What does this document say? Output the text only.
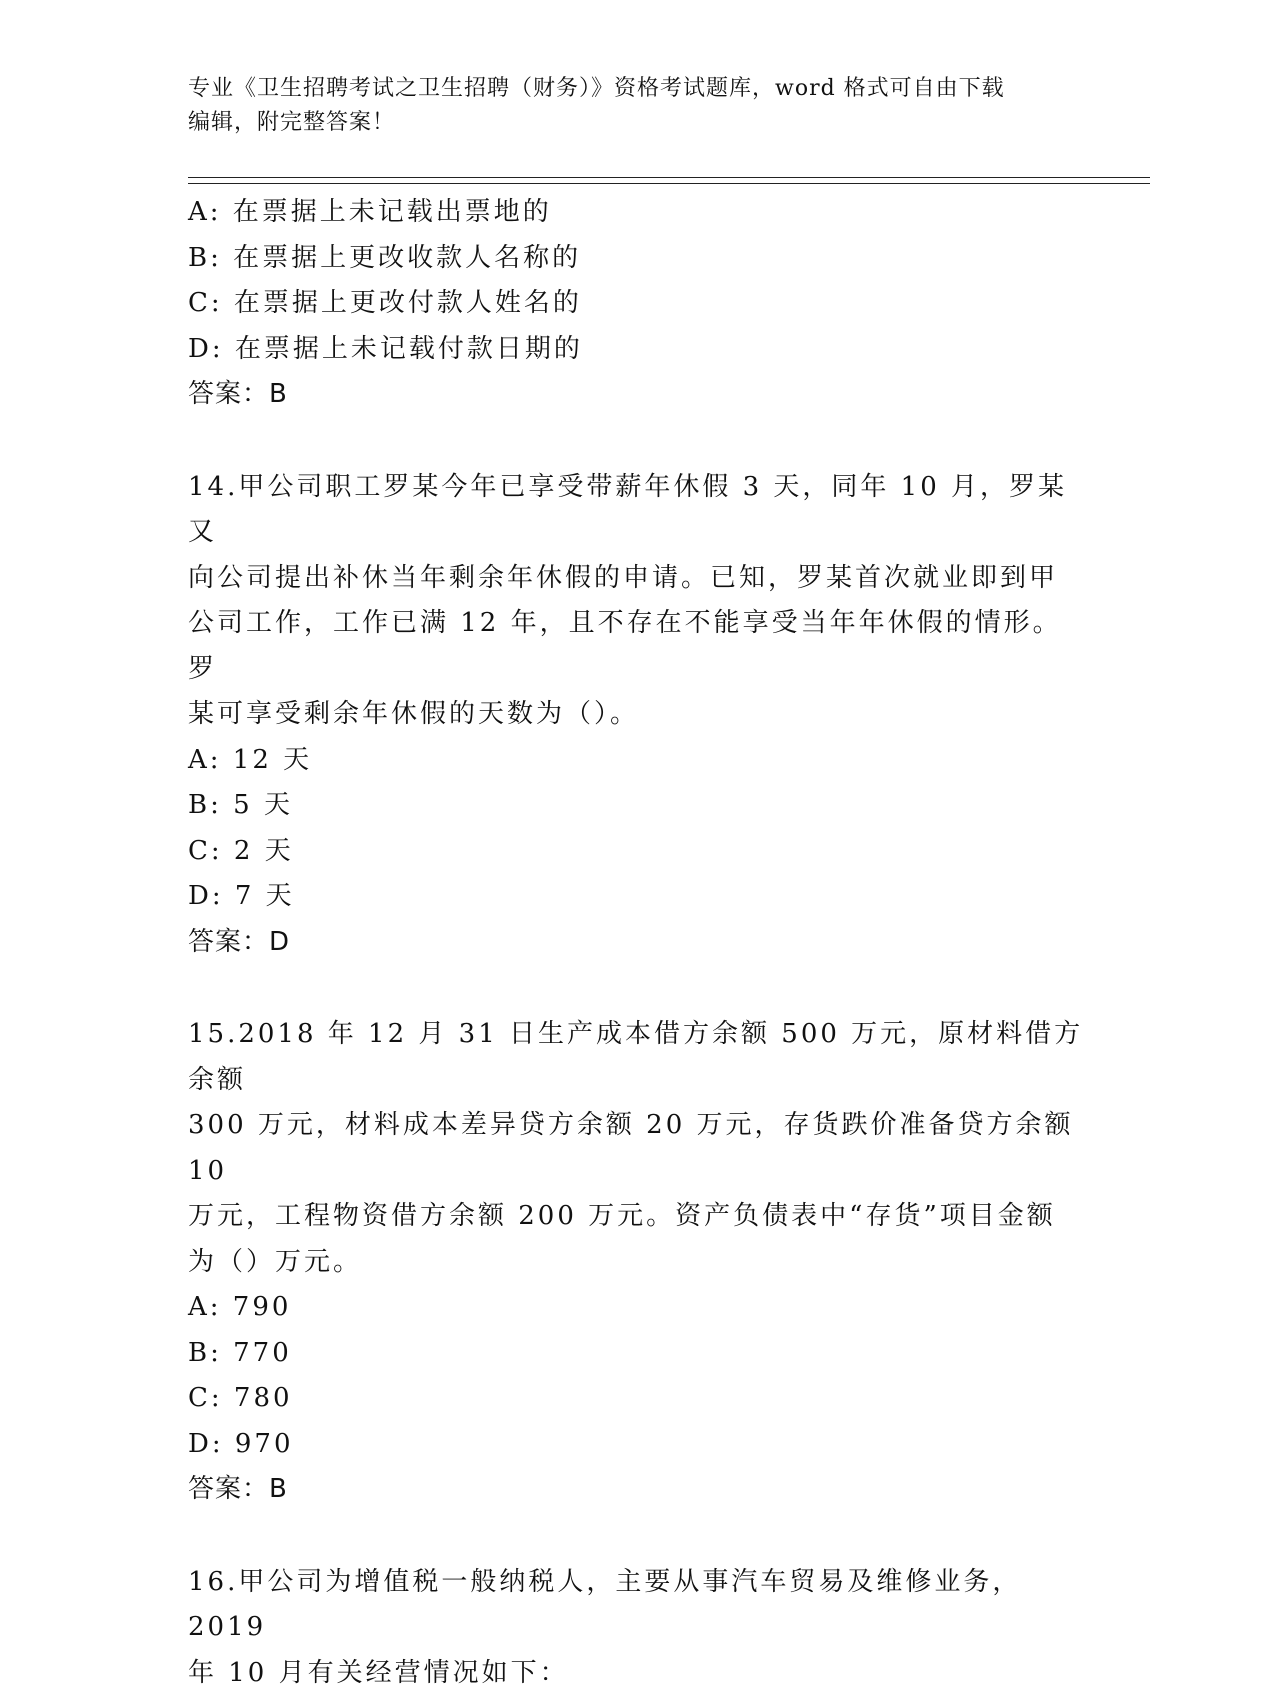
专业《卫生招聘考试之卫生招聘（财务）》资格考试题库，word 格式可自由下载
编辑，附完整答案！
A: 在票据上未记载出票地的
B: 在票据上更改收款人名称的
C: 在票据上更改付款人姓名的
D: 在票据上未记载付款日期的
答案：B
14.甲公司职工罗某今年已享受带薪年休假 3 天，同年 10 月，罗某又
向公司提出补休当年剩余年休假的申请。已知，罗某首次就业即到甲
公司工作，工作已满 12 年，且不存在不能享受当年年休假的情形。罗
某可享受剩余年休假的天数为（）。
A: 12 天
B: 5 天
C: 2 天
D: 7 天
答案：D
15.2018 年 12 月 31 日生产成本借方余额 500 万元，原材料借方余额
300 万元，材料成本差异贷方余额 20 万元，存货跌价准备贷方余额 10
万元，工程物资借方余额 200 万元。资产负债表中“存货”项目金额
为（）万元。
A: 790
B: 770
C: 780
D: 970
答案：B
16.甲公司为增值税一般纳税人，主要从事汽车贸易及维修业务，2019
年 10 月有关经营情况如下：
